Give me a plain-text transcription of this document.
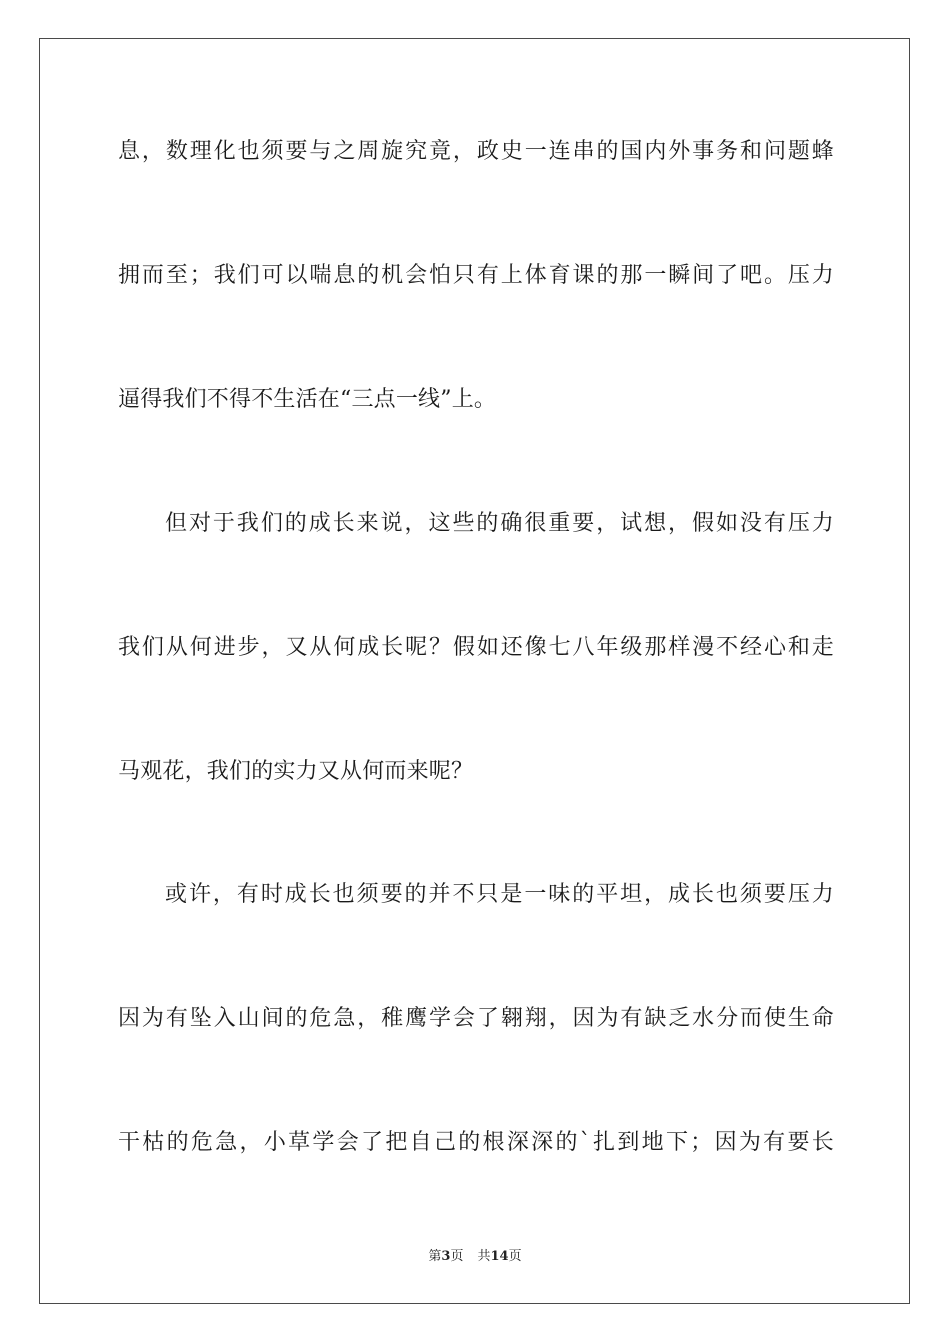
息，数理化也须要与之周旋究竟，政史一连串的国内外事务和问题蜂
拥而至；我们可以喘息的机会怕只有上体育课的那一瞬间了吧。压力
逼得我们不得不生活在“三点一线”上。
但对于我们的成长来说，这些的确很重要，试想，假如没有压力
我们从何进步，又从何成长呢？假如还像七八年级那样漫不经心和走
马观花，我们的实力又从何而来呢？
或许，有时成长也须要的并不只是一味的平坦，成长也须要压力
因为有坠入山间的危急，稚鹰学会了翱翔，因为有缺乏水分而使生命
干枯的危急，小草学会了把自己的根深深的`扎到地下；因为有要长
第3页 共14页
